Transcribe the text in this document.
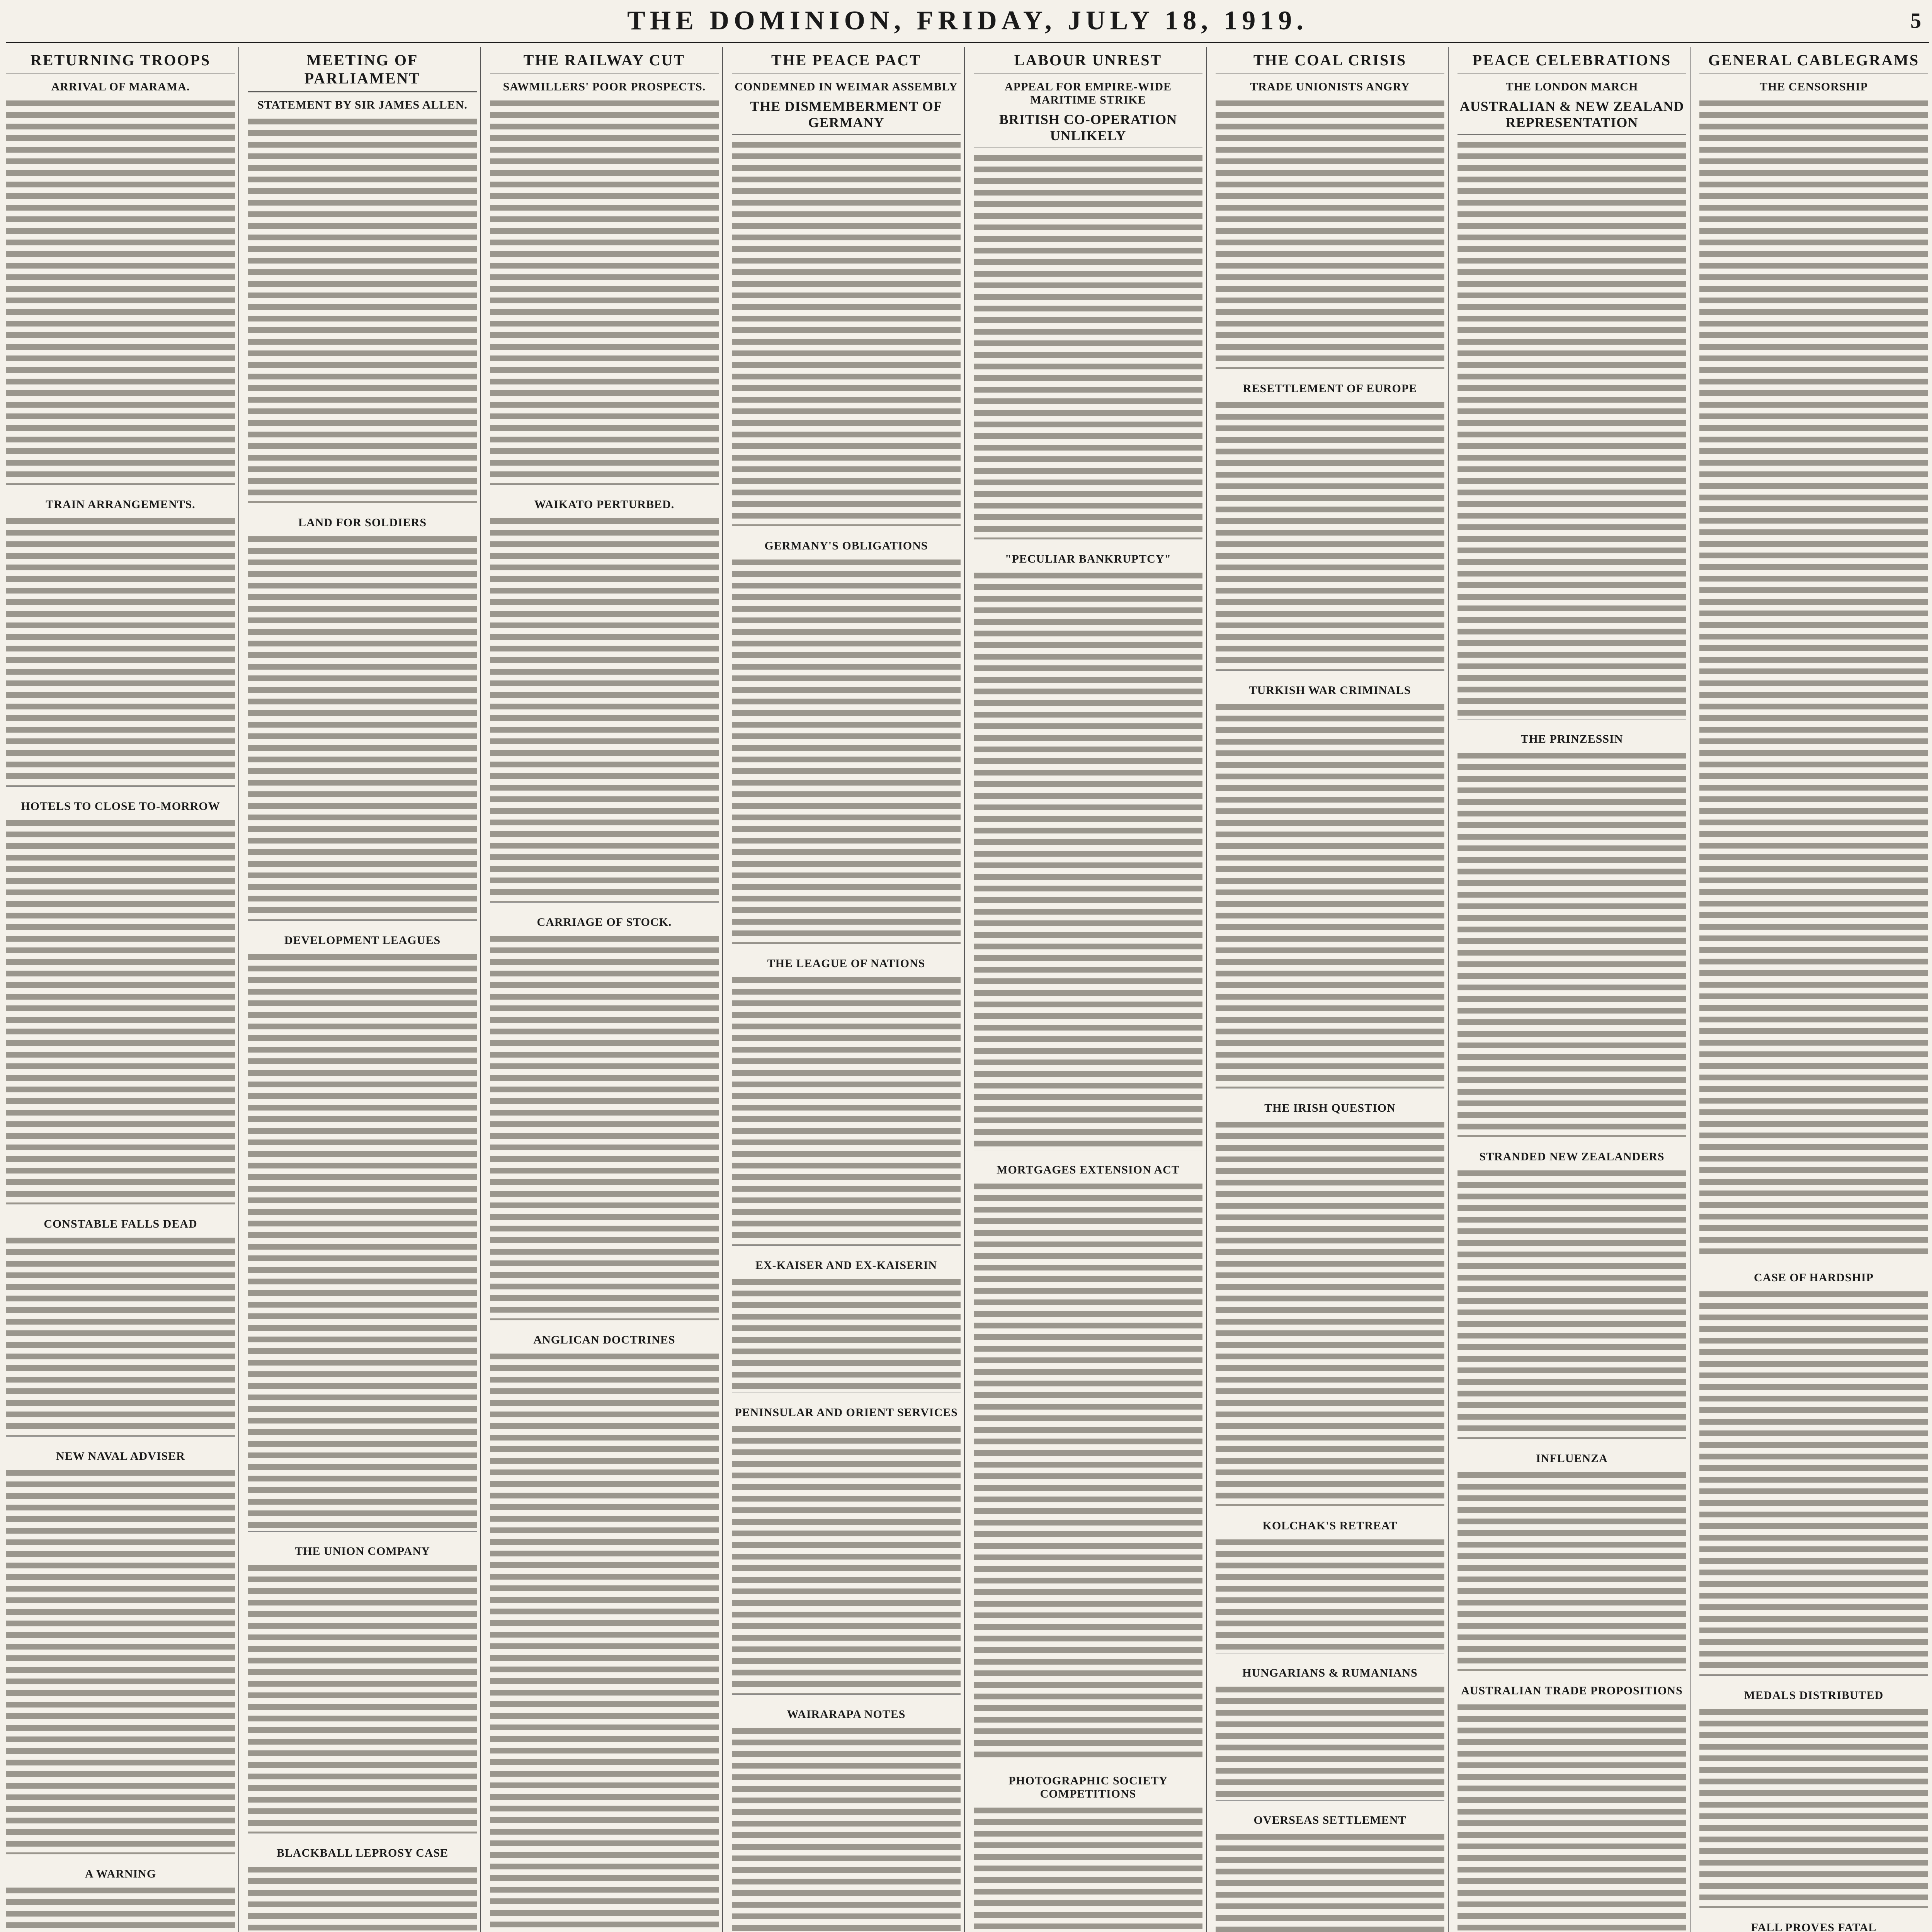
THE DOMINION, FRIDAY, JULY 18, 1919.	5
RETURNING TROOPS
ARRIVAL OF MARAMA.
TRAIN ARRANGEMENTS.
HOTELS TO CLOSE TO-MORROW
CONSTABLE FALLS DEAD
NEW NAVAL ADVISER
A WARNING
MEETING OF PARLIAMENT
STATEMENT BY SIR JAMES ALLEN.
LAND FOR SOLDIERS
DEVELOPMENT LEAGUES
THE UNION COMPANY
BLACKBALL LEPROSY CASE
THE RAILWAY CUT
SAWMILLERS' POOR PROSPECTS.
WAIKATO PERTURBED.
CARRIAGE OF STOCK.
ANGLICAN DOCTRINES
THE PEACE PACT
CONDEMNED IN WEIMAR ASSEMBLY
THE DISMEMBERMENT OF GERMANY
GERMANY'S OBLIGATIONS
THE LEAGUE OF NATIONS
EX-KAISER AND EX-KAISERIN
PENINSULAR AND ORIENT SERVICES
WAIRARAPA NOTES
LABOUR UNREST
APPEAL FOR EMPIRE-WIDE MARITIME STRIKE
BRITISH CO-OPERATION UNLIKELY
"PECULIAR BANKRUPTCY"
MORTGAGES EXTENSION ACT
PHOTOGRAPHIC SOCIETY COMPETITIONS
THE COAL CRISIS
TRADE UNIONISTS ANGRY
RESETTLEMENT OF EUROPE
TURKISH WAR CRIMINALS
THE IRISH QUESTION
KOLCHAK'S RETREAT
HUNGARIANS & RUMANIANS
OVERSEAS SETTLEMENT
PEACE CELEBRATIONS
THE LONDON MARCH
AUSTRALIAN & NEW ZEALAND REPRESENTATION
THE PRINZESSIN
STRANDED NEW ZEALANDERS
INFLUENZA
AUSTRALIAN TRADE PROPOSITIONS
GENERAL CABLEGRAMS
THE CENSORSHIP
CASE OF HARDSHIP
MEDALS DISTRIBUTED
FALL PROVES FATAL
